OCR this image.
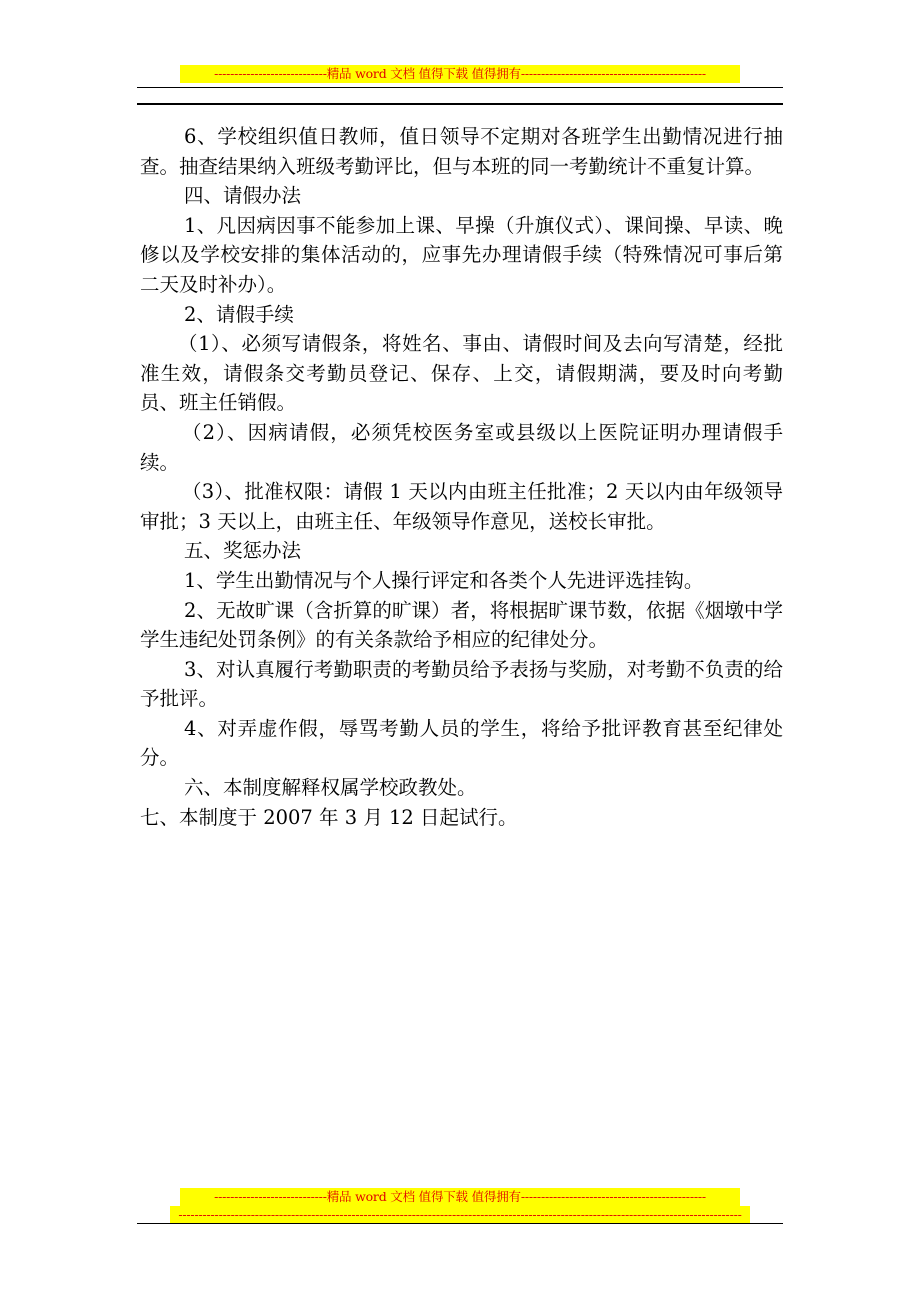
----------------------------精品 word 文档 值得下载 值得拥有----------------------------------------------

6、学校组织值日教师，值日领导不定期对各班学生出勤情况进行抽查。抽查结果纳入班级考勤评比，但与本班的同一考勤统计不重复计算。

四、请假办法

1、凡因病因事不能参加上课、早操（升旗仪式）、课间操、早读、晚修以及学校安排的集体活动的，应事先办理请假手续（特殊情况可事后第二天及时补办）。

2、请假手续

（1）、必须写请假条，将姓名、事由、请假时间及去向写清楚，经批准生效，请假条交考勤员登记、保存、上交，请假期满，要及时向考勤员、班主任销假。

（2）、因病请假，必须凭校医务室或县级以上医院证明办理请假手续。

（3）、批准权限：请假 1 天以内由班主任批准；2 天以内由年级领导审批；3 天以上，由班主任、年级领导作意见，送校长审批。

五、奖惩办法

1、学生出勤情况与个人操行评定和各类个人先进评选挂钩。

2、无故旷课（含折算的旷课）者，将根据旷课节数，依据《烟墩中学学生违纪处罚条例》的有关条款给予相应的纪律处分。

3、对认真履行考勤职责的考勤员给予表扬与奖励，对考勤不负责的给予批评。

4、对弄虚作假，辱骂考勤人员的学生，将给予批评教育甚至纪律处分。

六、本制度解释权属学校政教处。

七、本制度于 2007 年 3 月 12 日起试行。

----------------------------精品 word 文档 值得下载 值得拥有----------------------------------------------
--------------------------------------------------------------------------------------------------------------------------------------------
